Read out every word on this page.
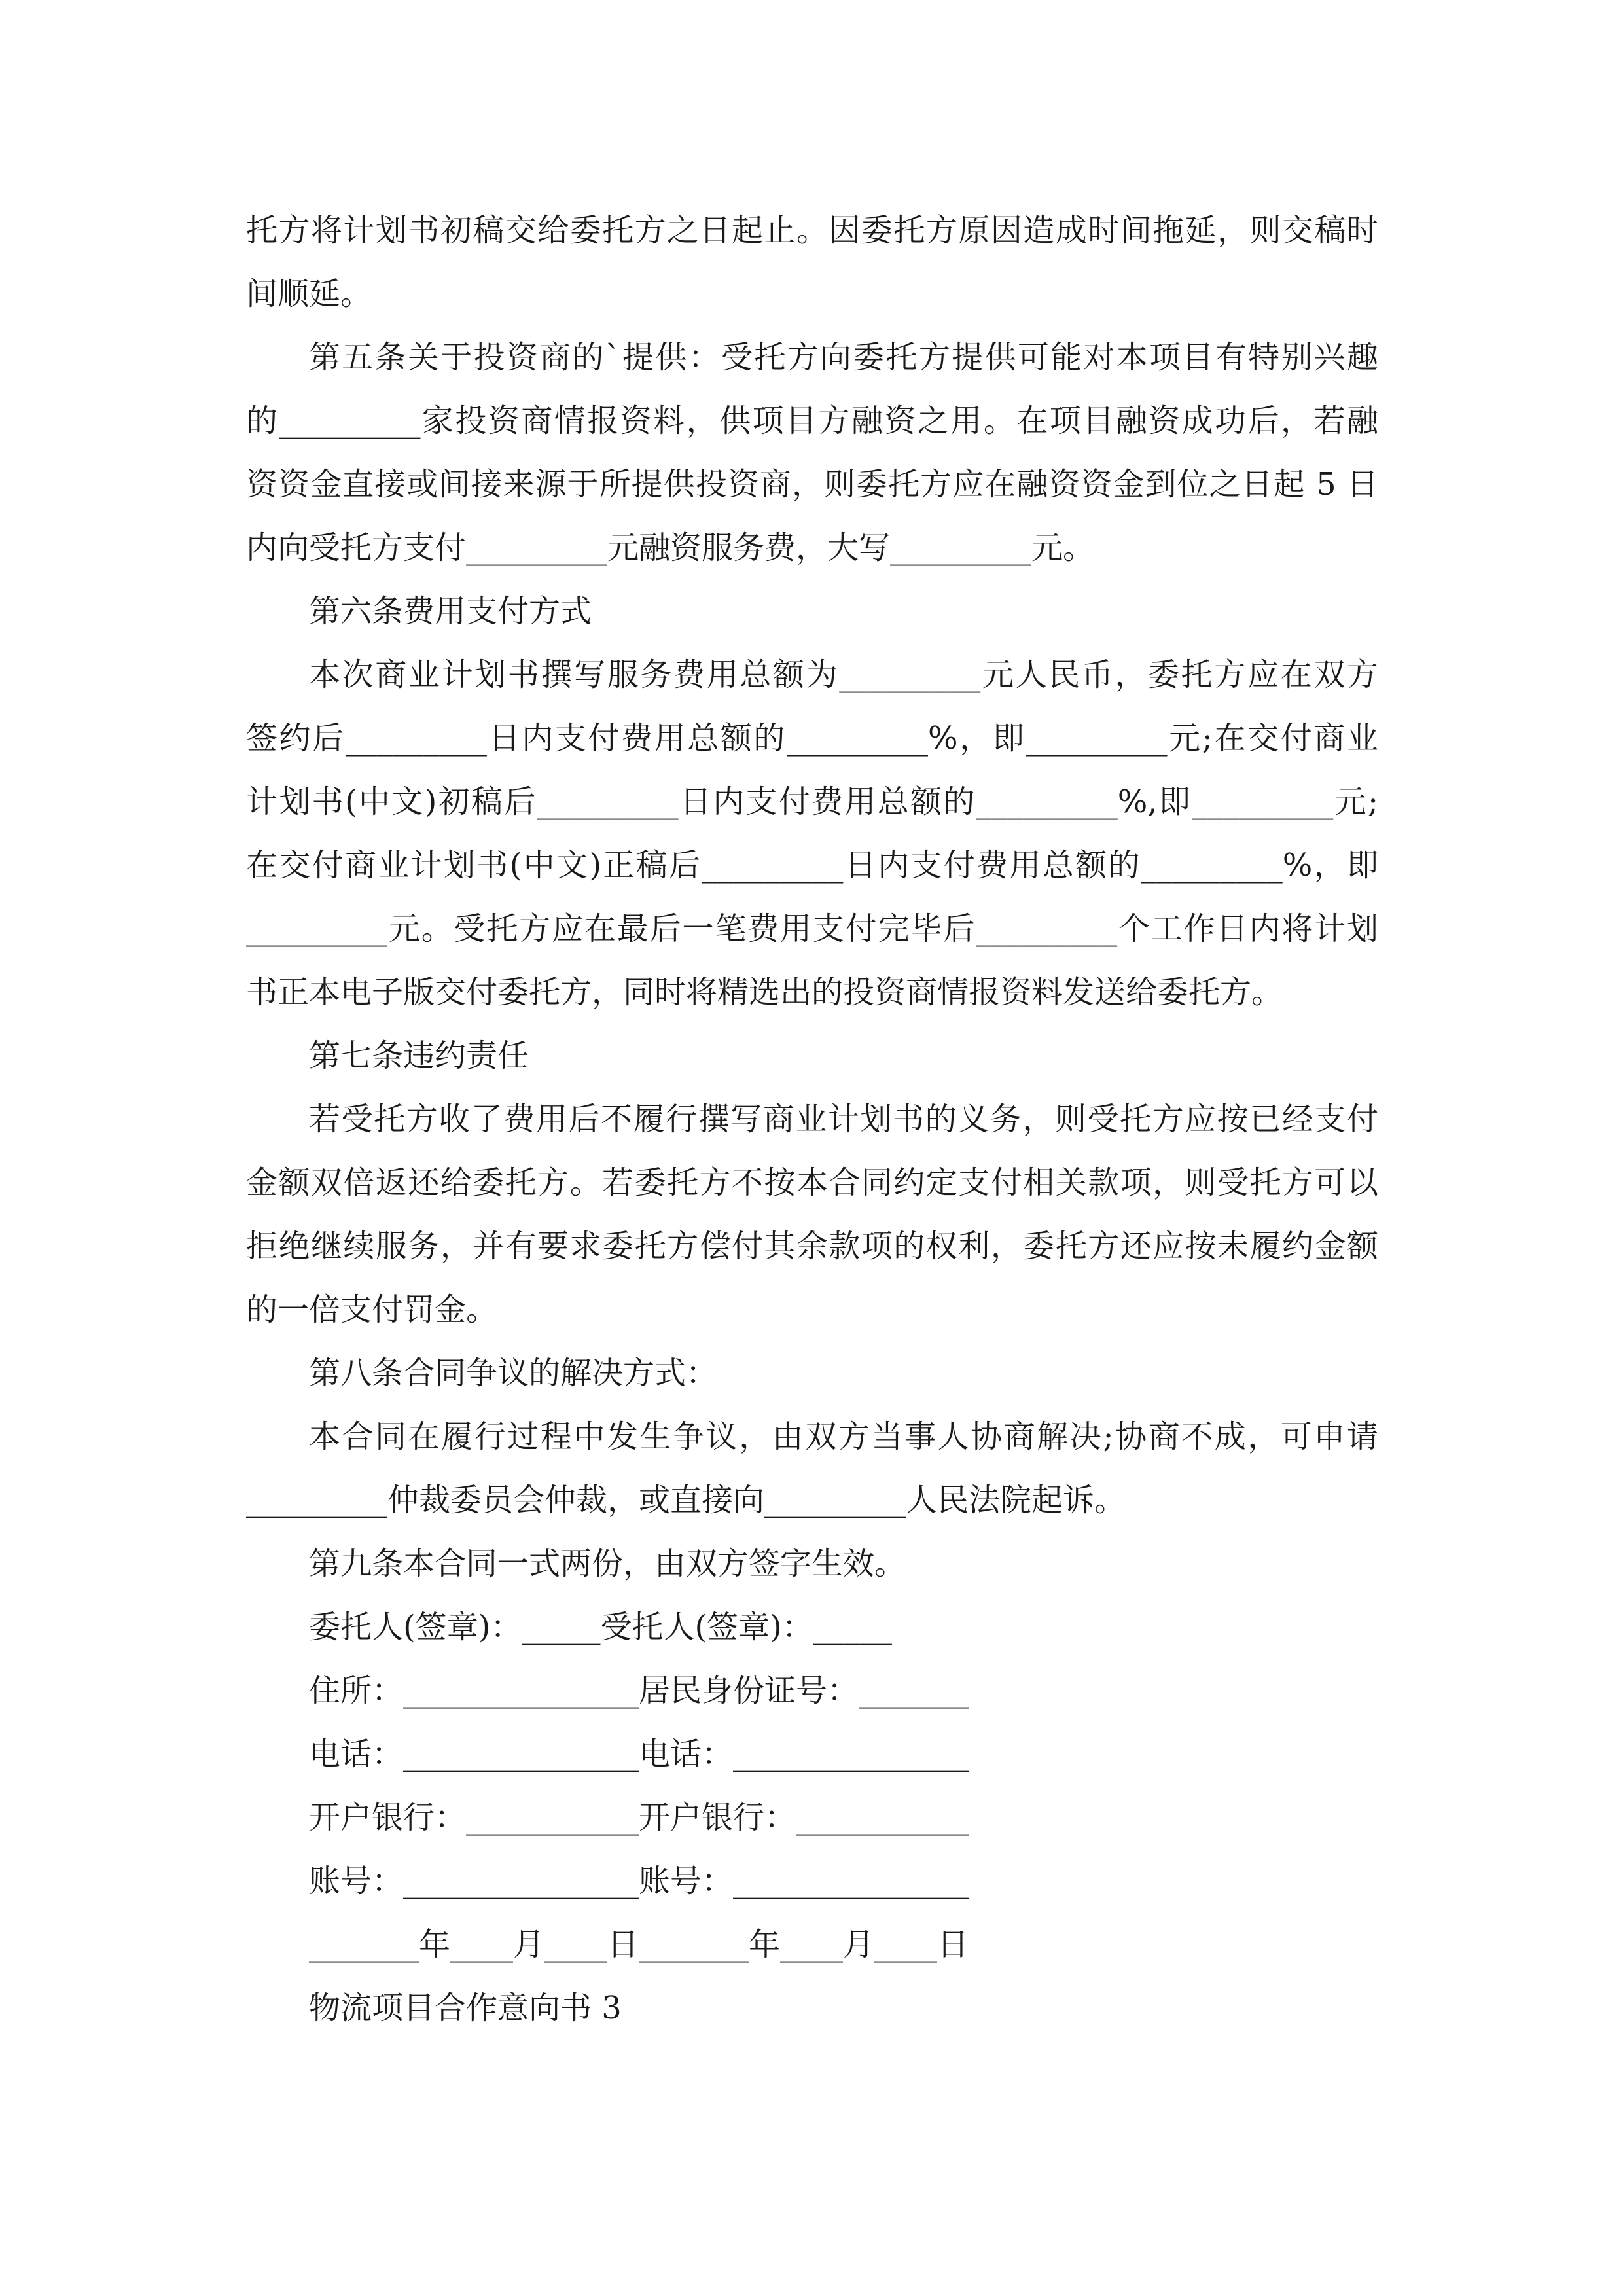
托方将计划书初稿交给委托方之日起止。因委托方原因造成时间拖延，则交稿时
间顺延。
第五条关于投资商的`提供：受托方向委托方提供可能对本项目有特别兴趣
的_________家投资商情报资料，供项目方融资之用。在项目融资成功后，若融
资资金直接或间接来源于所提供投资商，则委托方应在融资资金到位之日起 5 日
内向受托方支付_________元融资服务费，大写_________元。
第六条费用支付方式
本次商业计划书撰写服务费用总额为_________元人民币，委托方应在双方
签约后_________日内支付费用总额的_________%，即_________元;在交付商业
计划书(中文)初稿后_________日内支付费用总额的_________%,即_________元;
在交付商业计划书(中文)正稿后_________日内支付费用总额的_________%，即
_________元。受托方应在最后一笔费用支付完毕后_________个工作日内将计划
书正本电子版交付委托方，同时将精选出的投资商情报资料发送给委托方。
第七条违约责任
若受托方收了费用后不履行撰写商业计划书的义务，则受托方应按已经支付
金额双倍返还给委托方。若委托方不按本合同约定支付相关款项，则受托方可以
拒绝继续服务，并有要求委托方偿付其余款项的权利，委托方还应按未履约金额
的一倍支付罚金。
第八条合同争议的解决方式：
本合同在履行过程中发生争议，由双方当事人协商解决;协商不成，可申请
_________仲裁委员会仲裁，或直接向_________人民法院起诉。
第九条本合同一式两份，由双方签字生效。
委托人(签章)：_____受托人(签章)：_____
住所：_______________居民身份证号：_______
电话：_______________电话：_______________
开户银行：___________开户银行：___________
账号：_______________账号：_______________
_______年____月____日_______年____月____日
物流项目合作意向书 3
